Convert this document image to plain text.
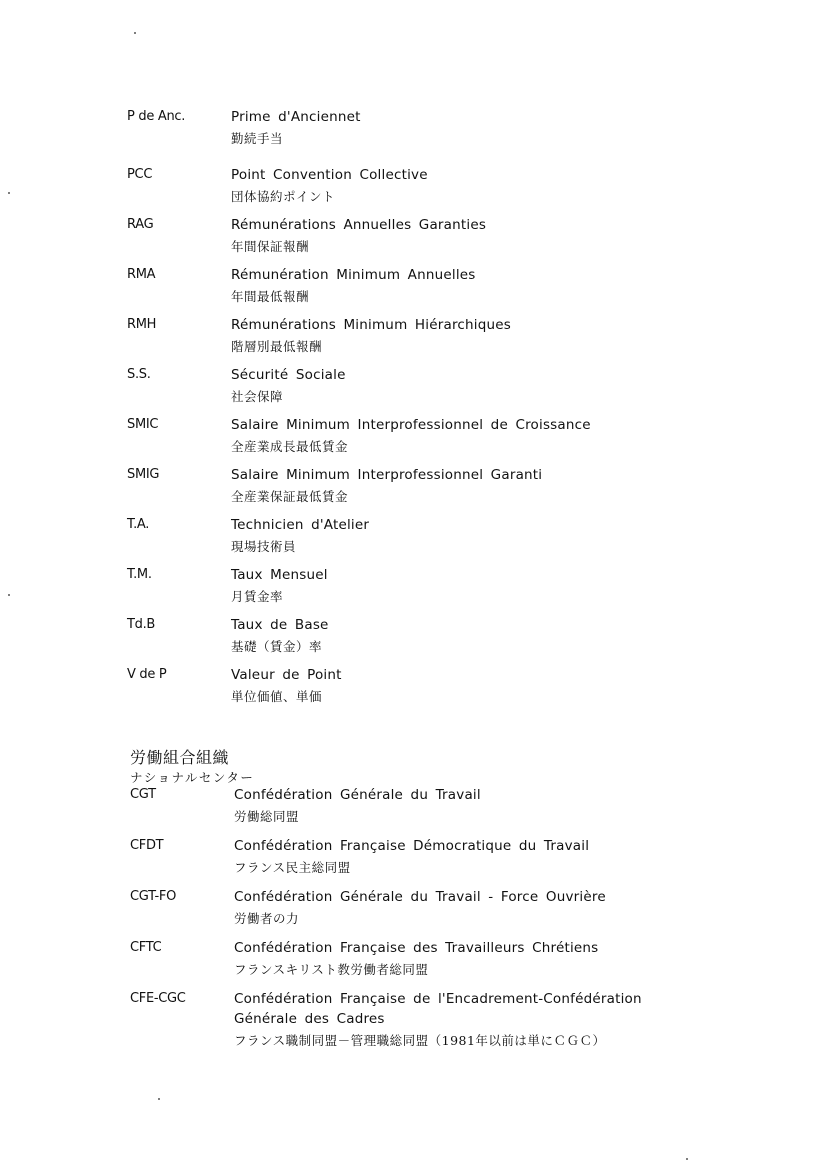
P de Anc.	Prime d'Anciennet
勤続手当
PCC	Point Convention Collective
団体協約ポイント
RAG	Rémunérations Annuelles Garanties
年間保証報酬
RMA	Rémunération Minimum Annuelles
年間最低報酬
RMH	Rémunérations Minimum Hiérarchiques
階層別最低報酬
S.S.	Sécurité Sociale
社会保障
SMIC	Salaire Minimum Interprofessionnel de Croissance
全産業成長最低賃金
SMIG	Salaire Minimum Interprofessionnel Garanti
全産業保証最低賃金
T.A.	Technicien d'Atelier
現場技術員
T.M.	Taux Mensuel
月賃金率
Td.B	Taux de Base
基礎（賃金）率
V de P	Valeur de Point
単位価値、単価
労働組合組織
ナショナルセンター
CGT	Confédération Générale du Travail
労働総同盟
CFDT	Confédération Française Démocratique du Travail
フランス民主総同盟
CGT-FO	Confédération Générale du Travail - Force Ouvrière
労働者の力
CFTC	Confédération Française des Travailleurs Chrétiens
フランスキリスト教労働者総同盟
CFE-CGC	Confédération Française de l'Encadrement-Confédération
Générale des Cadres
フランス職制同盟－管理職総同盟（1981年以前は単にＣＧＣ）
